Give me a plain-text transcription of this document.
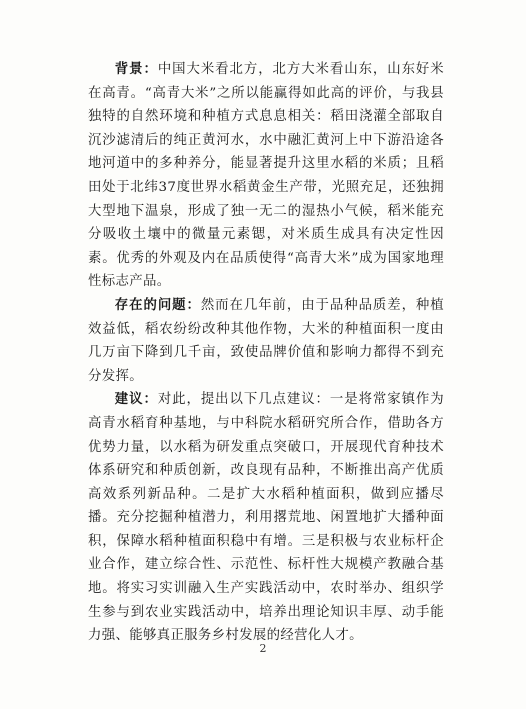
背景：中国大米看北方，北方大米看山东，山东好米在高青。“高青大米”之所以能赢得如此高的评价，与我县独特的自然环境和种植方式息息相关：稻田浇灌全部取自沉沙滤清后的纯正黄河水，水中融汇黄河上中下游沿途各地河道中的多种养分，能显著提升这里水稻的米质；且稻田处于北纬37度世界水稻黄金生产带，光照充足，还独拥大型地下温泉，形成了独一无二的湿热小气候，稻米能充分吸收土壤中的微量元素锶，对米质生成具有决定性因素。优秀的外观及内在品质使得“高青大米”成为国家地理性标志产品。

存在的问题：然而在几年前，由于品种品质差，种植效益低，稻农纷纷改种其他作物，大米的种植面积一度由几万亩下降到几千亩，致使品牌价值和影响力都得不到充分发挥。

建议：对此，提出以下几点建议：一是将常家镇作为高青水稻育种基地，与中科院水稻研究所合作，借助各方优势力量，以水稻为研发重点突破口，开展现代育种技术体系研究和种质创新，改良现有品种，不断推出高产优质高效系列新品种。二是扩大水稻种植面积，做到应播尽播。充分挖掘种植潜力，利用撂荒地、闲置地扩大播种面积，保障水稻种植面积稳中有增。三是积极与农业标杆企业合作，建立综合性、示范性、标杆性大规模产教融合基地。将实习实训融入生产实践活动中，农时举办、组织学生参与到农业实践活动中，培养出理论知识丰厚、动手能力强、能够真正服务乡村发展的经营化人才。

2
